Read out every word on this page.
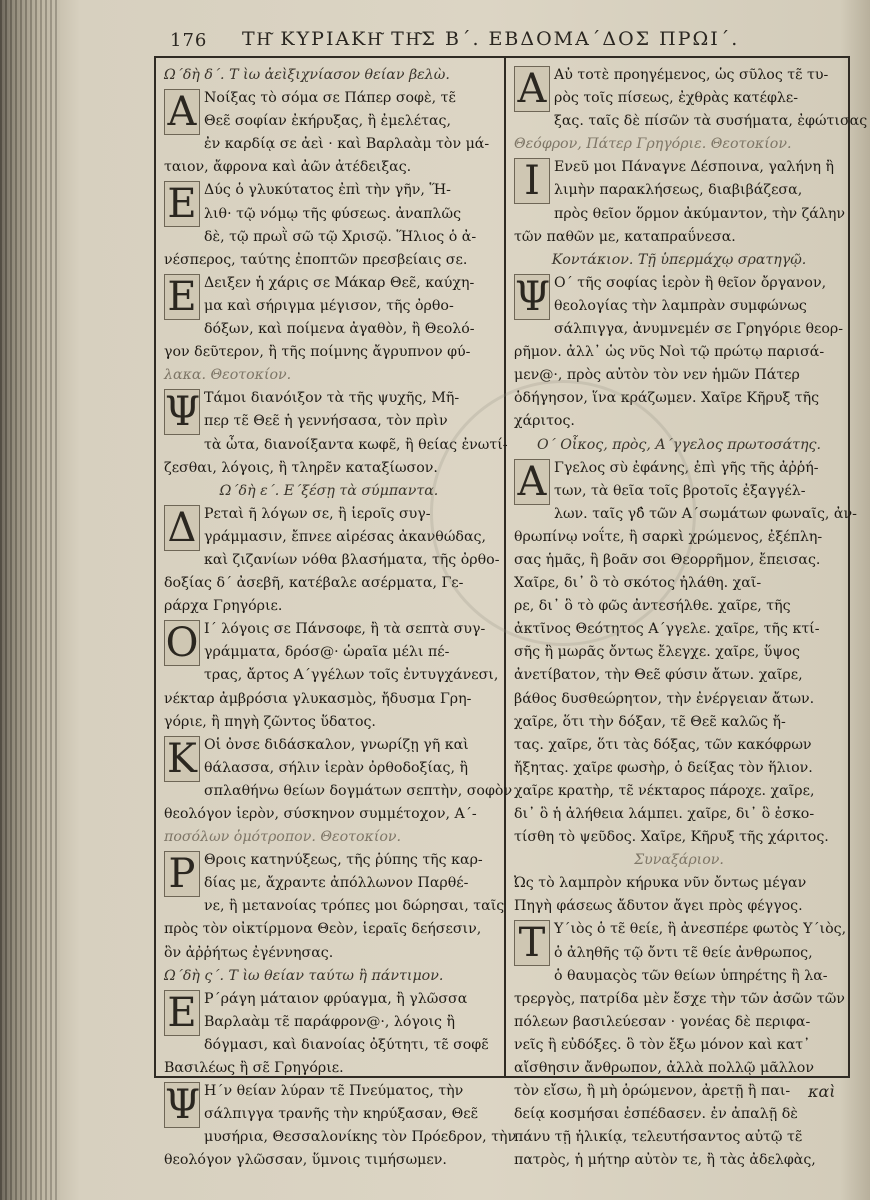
176 ΤΗ͂ ΚΥΡΙΑΚΗ͂ ΤΗ͂Σ Β΄. ΕΒΔΟΜΑ΄ΔΟΣ ΠΡΩΙ΄.
Ω΄δὴ δ΄. Τ ὶω ἀεὶξιχνίασον θείαν βελὼ.
Α Νοίξας τὸ σόμα σε Πάπερ σοφὲ, τε̃
Θεε̃ σοφίαν ἐκήρυξας, ἢ ἐμελέτας,
ἐν καρδίᾳ σε ἀεὶ · καὶ Βαρλαὰμ τὸν μά-
ταιον, ἄφρονα καὶ ἀῶν ἀτέδειξας.
Ε Δύς ὁ γλυκύτατος ἐπὶ τὴν γῆν, Ἥ-
λιθ· τῷ νόμῳ τῆς φύσεως. ἀναπλῶς
δὲ, τῷ πρωῒ σῶ τῷ Χρισῷ. Ἥλιος ὁ ἀ-
νέσπερος, ταύτης ἐποπτῶν πρεσβείαις σε.
Ε Δειξεν ἡ χάρις σε Μάκαρ Θεε̃, καύχη-
μα καὶ σήριγμα μέγισον, τῆς ὀρθο-
δόξων, καὶ ποίμενα ἀγαθὸν, ἢ Θεολό-
γον δεῦτερον, ἢ τῆς ποίμνης ἄγρυπνον φύ-
λακα. Θεοτοκίον.
Ψ Τάμοι διανόιξον τὰ τῆς ψυχῆς, Μῆ-
περ τε̃ Θεε̃ ἡ γεννήσασα, τὸν πρὶν
τὰ ὦτα, διανοίξαντα κωφε̃, ἢ θείας ἐνωτί-
ζεσθαι, λόγοις, ἢ τληρε̃ν καταξίωσον.
Ω΄δὴ ε΄. Ε΄ξέσῃ τὰ σύμπαντα.
Δ Ρεταὶ ῆ λόγων σε, ἢ ἱεροῖς συγ-
γράμμασιν, ἔπνεε αἱρέσας ἀκανθώδας,
καὶ ζιζανίων νόθα βλασήματα, τῆς ὀρθο-
δοξίας δ΄ ἀσεβῆ, κατέβαλε ασέρματα, Γε-
ράρχα Γρηγόριε.
Ο Ι΄ λόγοις σε Πάνσοφε, ἢ τὰ σεπτὰ συγ-
γράμματα, δρόσ@· ὡραῖα μέλι πέ-
τρας, ἄρτος Α΄γγέλων τοῖς ἐντυγχάνεσι,
νέκταρ ἀμβρόσια γλυκασμὸς, ἤδυσμα Γρη-
γόριε, ἢ πηγὴ ζῶντος ὕδατος.
Κ Οἱ ὀνσε διδάσκαλον, γνωρίζῃ γῆ καὶ
θάλασσα, σήλιν ἱερὰν ὀρθοδοξίας, ἢ
σπλαθήνω θείων δογμάτων σεπτὴν, σοφὸν
θεολόγον ἱερὸν, σύσκηνον συμμέτοχον, Α΄-
ποσόλων ὁμότροπον. Θεοτοκίον.
Ρ Θροις κατηνύξεως, τῆς ῥύπης τῆς καρ-
δίας με, ἄχραντε ἀπόλλωνον Παρθέ-
νε, ἢ μετανοίας τρόπες μοι δώρησαι, ταῖς
πρὸς τὸν οἰκτίρμονα Θεὸν, ἱεραῖς δεήσεσιν,
ὃν ἀῤῥήτως ἐγέννησας.
Ω΄δὴ ς΄. Τ ὶω θείαν ταύτω ἢ πάντιμον.
Ε Ρ΄ράγη μάταιον φρύαγμα, ἢ γλῶσσα
Βαρλαὰμ τε̃ παράφρον@·, λόγοις ἢ
δόγμασι, καὶ διανοίας ὀξύτητι, τε̃ σοφε̃
Βασιλέως ἢ σε̃ Γρηγόριε.
Ψ Η΄ν θείαν λύραν τε̃ Πνεύματος, τὴν
σάλπιγγα τρανῆς τὴν κηρύξασαν, Θεε̃
μυσήρια, Θεσσαλονίκης τὸν Πρόεδρον, τὴν
θεολόγον γλῶσσαν, ὕμνοις τιμήσωμεν.
Α Αὐ τοτὲ προηγέμενος, ὡς σῦλος τε̃ τυ-
ρὸς τοῖς πίσεως, ἐχθρὰς κατέφλε-
ξας. ταῖς δὲ πίσῶν τὰ συσήματα, ἐφώτισας
Θεόφρον, Πάτερ Γρηγόριε. Θεοτοκίον.
Ι Ενεῦ μοι Πάναγνε Δέσποινα, γαλήνη ἢ
λιμὴν παρακλήσεως, διαβιβάζεσα,
πρὸς θεῖον ὅρμον ἀκύμαντον, τὴν ζάλην
τῶν παθῶν με, καταπραΰνεσα.
Κοντάκιον. Τῇ ὑπερμάχῳ σρατηγῷ.
Ψ Ο΄ τῆς σοφίας ἱερὸν ἢ θεῖον ὄργανον,
θεολογίας τὴν λαμπρὰν συμφώνως
σάλπιγγα, ἀνυμνεμέν σε Γρηγόριε θεορ-
ρῆμον. ἀλλ᾽ ὡς νῦς Νοὶ τῷ πρώτῳ παρισά-
μεν@·, πρὸς αὐτὸν τὸν νεν ἡμῶν Πάτερ
ὁδήγησον, ἵνα κράζωμεν. Χαῖρε Κῆρυξ τῆς
χάριτος.
Ο΄ Οἶκος, πρὸς, Α΄γγελος πρωτοσάτης.
Α Γγελος σὺ ἐφάνης, ἐπὶ γῆς τῆς ἀῤῥή-
των, τὰ θεῖα τοῖς βροτοῖς ἐξαγγέλ-
λων. ταῖς γδ̓ τῶν Α΄σωμάτων φωναῖς, ἀν-
θρωπίνῳ νοΐτε, ἢ σαρκὶ χρώμενος, ἐξέπλη-
σας ἡμᾶς, ἢ βοᾶν σοι Θεορρῆμον, ἔπεισας.
Χαῖρε, δι᾽ ὃ τὸ σκότος ἠλάθη. χαῖ-
ρε, δι᾽ ὃ τὸ φῶς ἀντεσήλθε. χαῖρε, τῆς
ἀκτῖνος Θεότητος Α΄γγελε. χαῖρε, τῆς κτί-
σῆς ἢ μωρᾶς ὄντως ἔλεγχε. χαῖρε, ὕψος
ἀνετίβατον, τὴν Θεε̃ φύσιν ἄτων. χαῖρε,
βάθος δυσθεώρητον, τὴν ἐνέργειαν ἄτων.
χαῖρε, ὅτι τὴν δόξαν, τε̃ Θεε̃ καλῶς ἤ-
τας. χαῖρε, ὅτι τὰς δόξας, τῶν κακόφρων
ἤξητας. χαῖρε φωσὴρ, ὁ δείξας τὸν ἥλιον.
χαῖρε κρατὴρ, τε̃ νέκταρος πάροχε. χαῖρε,
δι᾽ ὃ ἡ ἀλήθεια λάμπει. χαῖρε, δι᾽ ὃ ἐσκο-
τίσθη τὸ ψεῦδος. Χαῖρε, Κῆρυξ τῆς χάριτος.
Συναξάριον.
Ὠς τὸ λαμπρὸν κήρυκα νῦν ὄντως μέγαν
Πηγὴ φάσεως ἄδυτον ἄγει πρὸς φέγγος.
Τ Υ΄ιὸς ὁ τε̃ θείε, ἢ ἀνεσπέρε φωτὸς Υ΄ιὸς,
ὁ ἀληθῆς τῷ ὄντι τε̃ θείε ἀνθρωπος,
ὁ θαυμαςὸς τῶν θείων ὑπηρέτης ἢ λα-
τρεργὸς, πατρίδα μὲν ἔσχε τὴν τῶν ἀσῶν τῶν
πόλεων βασιλεύεσαν · γονέας δὲ περιφα-
νεῖς ἢ εὐδόξες. ὃ τὸν ἔξω μόνον καὶ κατ᾽
αἴσθησιν ἄνθρωπον, ἀλλὰ πολλῷ μᾶλλον
τὸν εἴσω, ἢ μὴ ὁρώμενον, ἀρετῇ ἢ παι-
δείᾳ κοσμήσαι ἐσπέδασεν. ἐν ἀπαλῇ δὲ
πάνυ τῇ ἡλικίᾳ, τελευτήσαντος αὐτῷ τε̃
πατρὸς, ἡ μήτηρ αὐτὸν τε, ἢ τὰς ἀδελφὰς,
καὶ
